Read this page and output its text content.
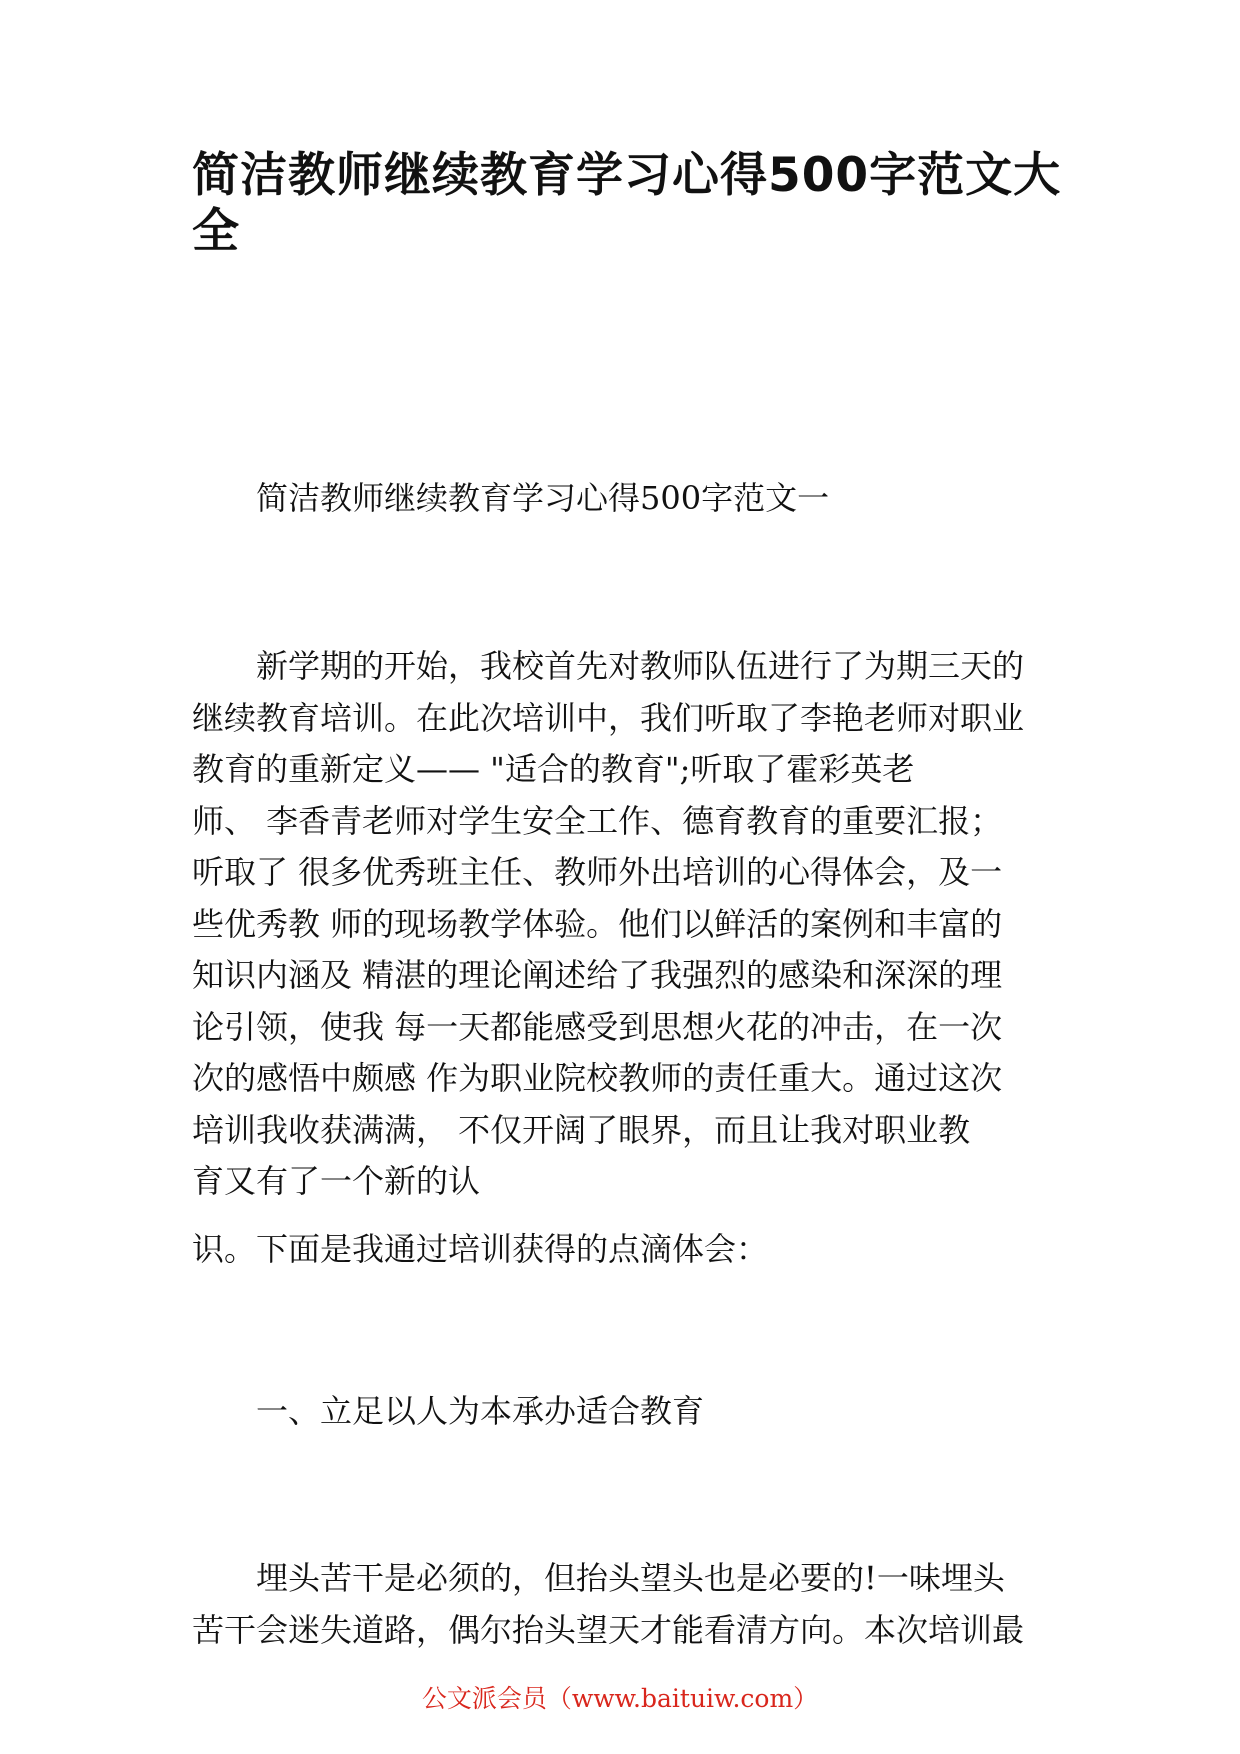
简洁教师继续教育学习心得500字范文大全
简洁教师继续教育学习心得500字范文一
新学期的开始，我校首先对教师队伍进行了为期三天的
继续教育培训。在此次培训中，我们听取了李艳老师对职业
教育的重新定义—— "适合的教育";听取了霍彩英老
师、 李香青老师对学生安全工作、德育教育的重要汇报；
听取了 很多优秀班主任、教师外出培训的心得体会，及一
些优秀教 师的现场教学体验。他们以鲜活的案例和丰富的
知识内涵及 精湛的理论阐述给了我强烈的感染和深深的理
论引领，使我 每一天都能感受到思想火花的冲击，在一次
次的感悟中颇感 作为职业院校教师的责任重大。通过这次
培训我收获满满， 不仅开阔了眼界，而且让我对职业教
育又有了一个新的认
识。下面是我通过培训获得的点滴体会：
一、立足以人为本承办适合教育
埋头苦干是必须的，但抬头望头也是必要的!一味埋头
苦干会迷失道路，偶尔抬头望天才能看清方向。本次培训最
公文派会员（www.baituiw.com）
